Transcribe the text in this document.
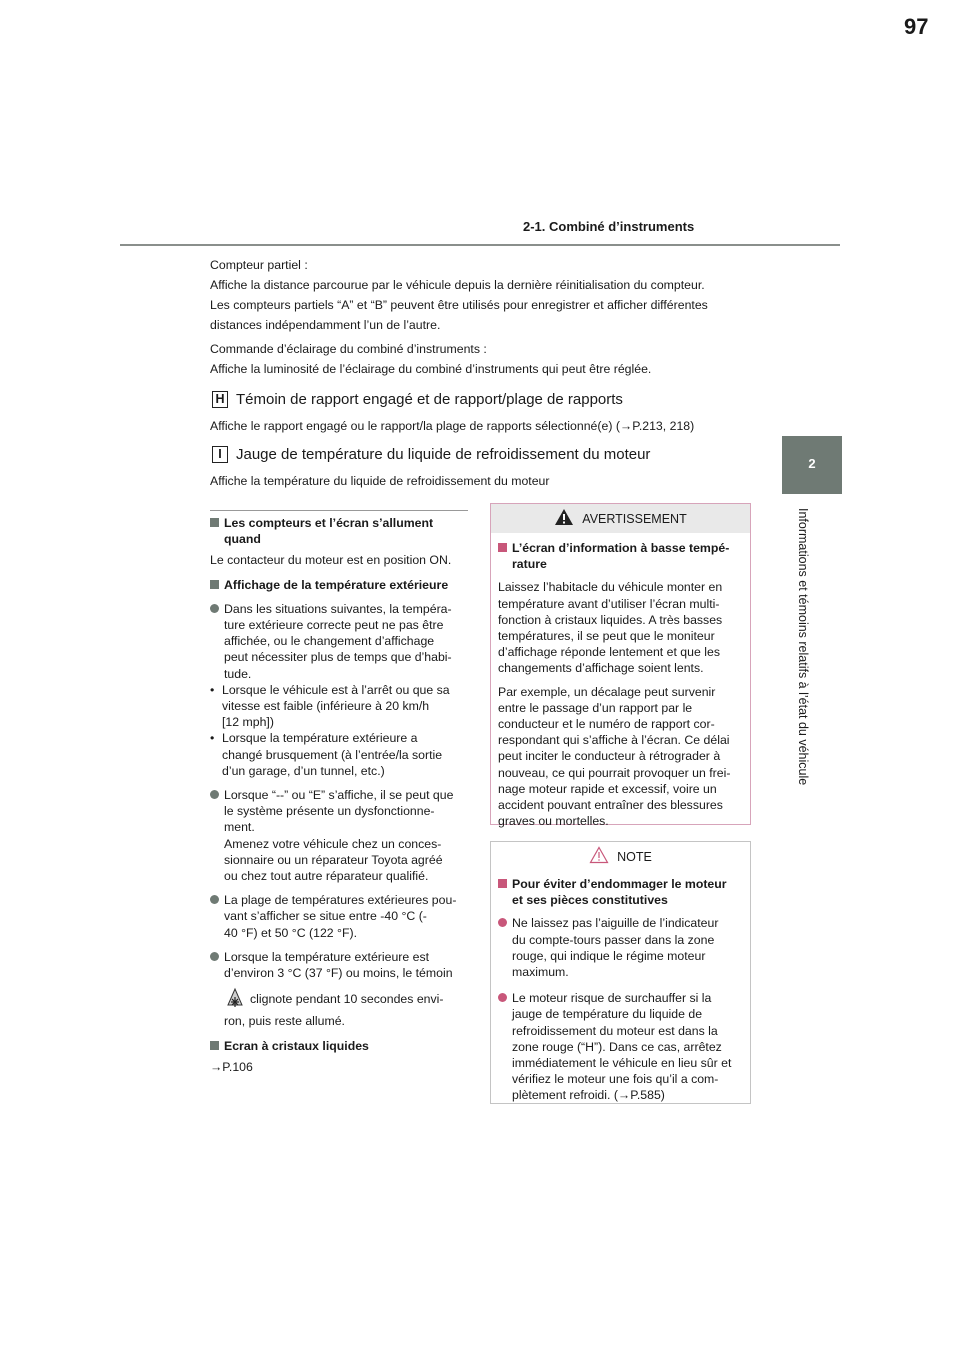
97
2-1. Combiné d’instruments
2
Informations et témoins relatifs à l’état du véhicule
Compteur partiel :
Affiche la distance parcourue par le véhicule depuis la dernière réinitialisation du compteur.
Les compteurs partiels “A” et “B” peuvent être utilisés pour enregistrer et afficher différentes
distances indépendamment l’un de l’autre.
Commande d’éclairage du combiné d’instruments :
Affiche la luminosité de l’éclairage du combiné d’instruments qui peut être réglée.
H Témoin de rapport engagé et de rapport/plage de rapports
Affiche le rapport engagé ou le rapport/la plage de rapports sélectionné(e) (→P.213, 218)
I Jauge de température du liquide de refroidissement du moteur
Affiche la température du liquide de refroidissement du moteur
Les compteurs et l’écran s’allument
quand
Le contacteur du moteur est en position ON.
Affichage de la température extérieure
Dans les situations suivantes, la tempéra-
ture extérieure correcte peut ne pas être
affichée, ou le changement d’affichage
peut nécessiter plus de temps que d’habi-
tude.
• Lorsque le véhicule est à l’arrêt ou que sa
vitesse est faible (inférieure à 20 km/h
[12 mph])
• Lorsque la température extérieure a
changé brusquement (à l’entrée/la sortie
d’un garage, d’un tunnel, etc.)
Lorsque “--” ou “E” s’affiche, il se peut que
le système présente un dysfonctionne-
ment.
Amenez votre véhicule chez un conces-
sionnaire ou un réparateur Toyota agréé
ou chez tout autre réparateur qualifié.
La plage de températures extérieures pou-
vant s’afficher se situe entre -40 °C (-
40 °F) et 50 °C (122 °F).
Lorsque la température extérieure est
d’environ 3 °C (37 °F) ou moins, le témoin
clignote pendant 10 secondes envi-
ron, puis reste allumé.
Ecran à cristaux liquides
→P.106
AVERTISSEMENT
L’écran d’information à basse tempé-
rature
Laissez l’habitacle du véhicule monter en
température avant d’utiliser l’écran multi-
fonction à cristaux liquides. A très basses
températures, il se peut que le moniteur
d’affichage réponde lentement et que les
changements d’affichage soient lents.
Par exemple, un décalage peut survenir
entre le passage d’un rapport par le
conducteur et le numéro de rapport cor-
respondant qui s’affiche à l’écran. Ce délai
peut inciter le conducteur à rétrograder à
nouveau, ce qui pourrait provoquer un frei-
nage moteur rapide et excessif, voire un
accident pouvant entraîner des blessures
graves ou mortelles.
NOTE
Pour éviter d’endommager le moteur
et ses pièces constitutives
Ne laissez pas l’aiguille de l’indicateur
du compte-tours passer dans la zone
rouge, qui indique le régime moteur
maximum.
Le moteur risque de surchauffer si la
jauge de température du liquide de
refroidissement du moteur est dans la
zone rouge (“H”). Dans ce cas, arrêtez
immédiatement le véhicule en lieu sûr et
vérifiez le moteur une fois qu’il a com-
plètement refroidi. (→P.585)
